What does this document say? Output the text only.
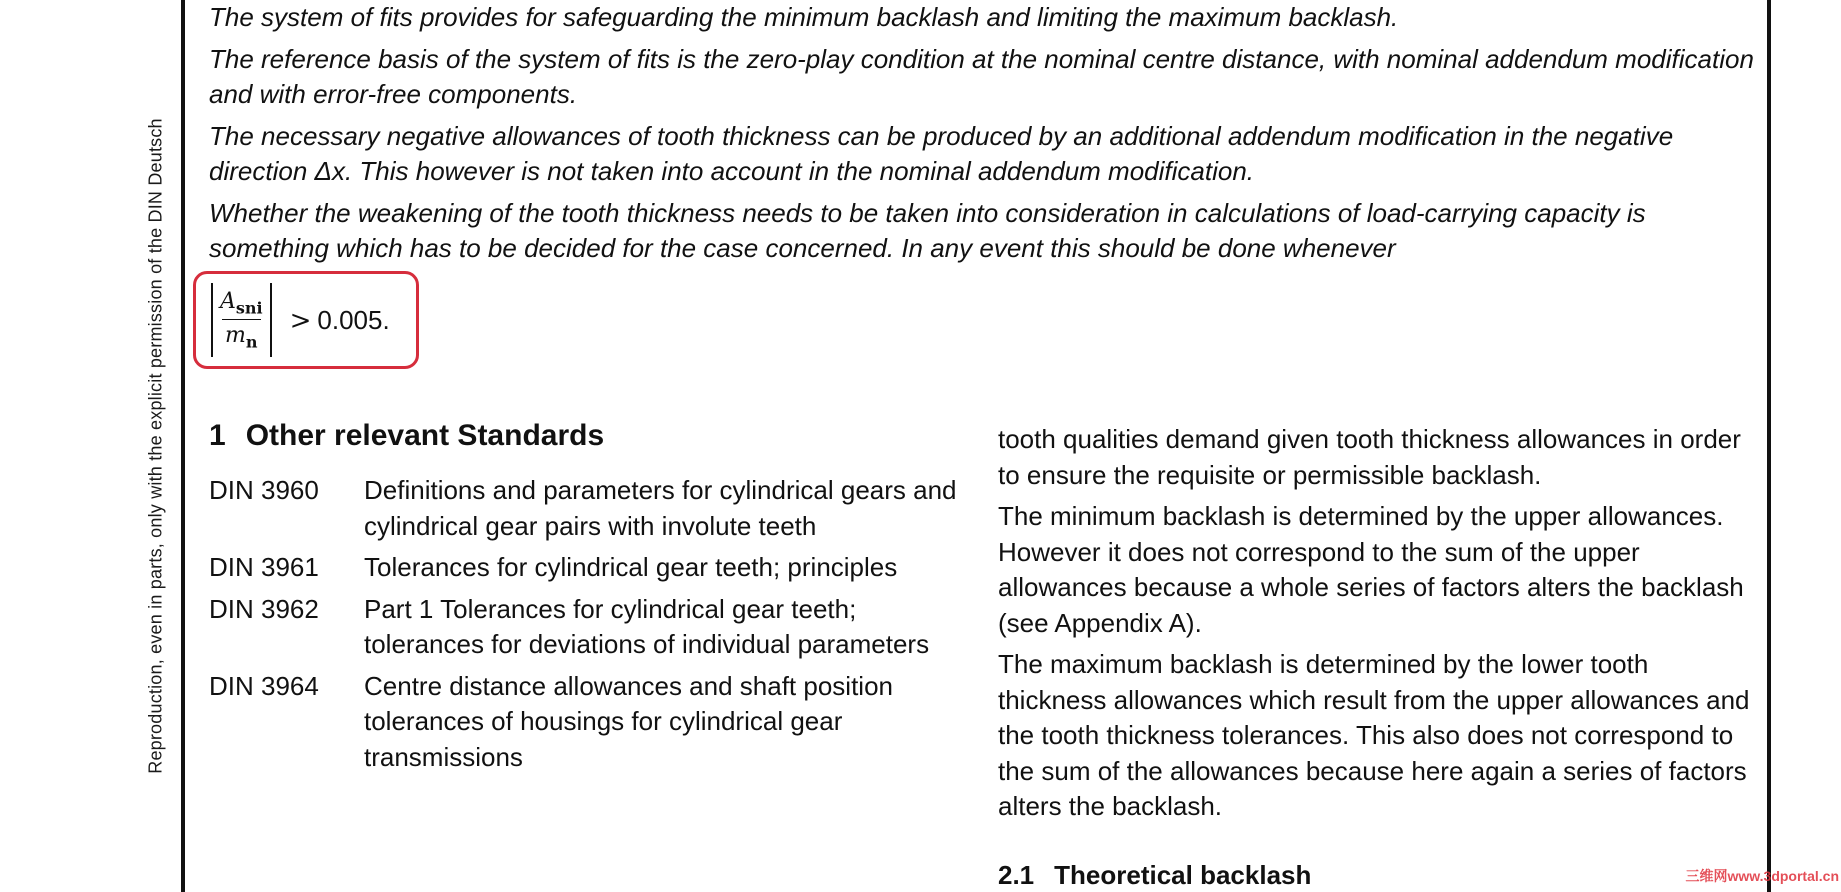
Reproduction, even in parts, only with the explicit permission of the DIN Deutsch

The system of fits provides for safeguarding the minimum backlash and limiting the maximum backlash.

The reference basis of the system of fits is the zero-play condition at the nominal centre distance, with nominal addendum modification and with error-free components.

The necessary negative allowances of tooth thickness can be produced by an additional addendum modification in the negative direction Δx. This however is not taken into account in the nominal addendum modification.

Whether the weakening of the tooth thickness needs to be taken into consideration in calculations of load-carrying capacity is something which has to be decided for the case concerned. In any event this should be done whenever

$\frac{A_{sni}}{m_n} > 0.005$.
1 Other relevant Standards
DIN 3960	Definitions and parameters for cylindrical gears and cylindrical gear pairs with involute teeth
DIN 3961	Tolerances for cylindrical gear teeth; principles
DIN 3962	Part 1 Tolerances for cylindrical gear teeth; tolerances for deviations of individual parameters
DIN 3964	Centre distance allowances and shaft position tolerances of housings for cylindrical gear transmissions

tooth qualities demand given tooth thickness allowances in order to ensure the requisite or permissible backlash.

The minimum backlash is determined by the upper allowances. However it does not correspond to the sum of the upper allowances because a whole series of factors alters the backlash (see Appendix A).

The maximum backlash is determined by the lower tooth thickness allowances which result from the upper allowances and the tooth thickness tolerances. This also does not correspond to the sum of the allowances because here again a series of factors alters the backlash.

2.1 Theoretical backlash	三维网www.3dportal.cn
